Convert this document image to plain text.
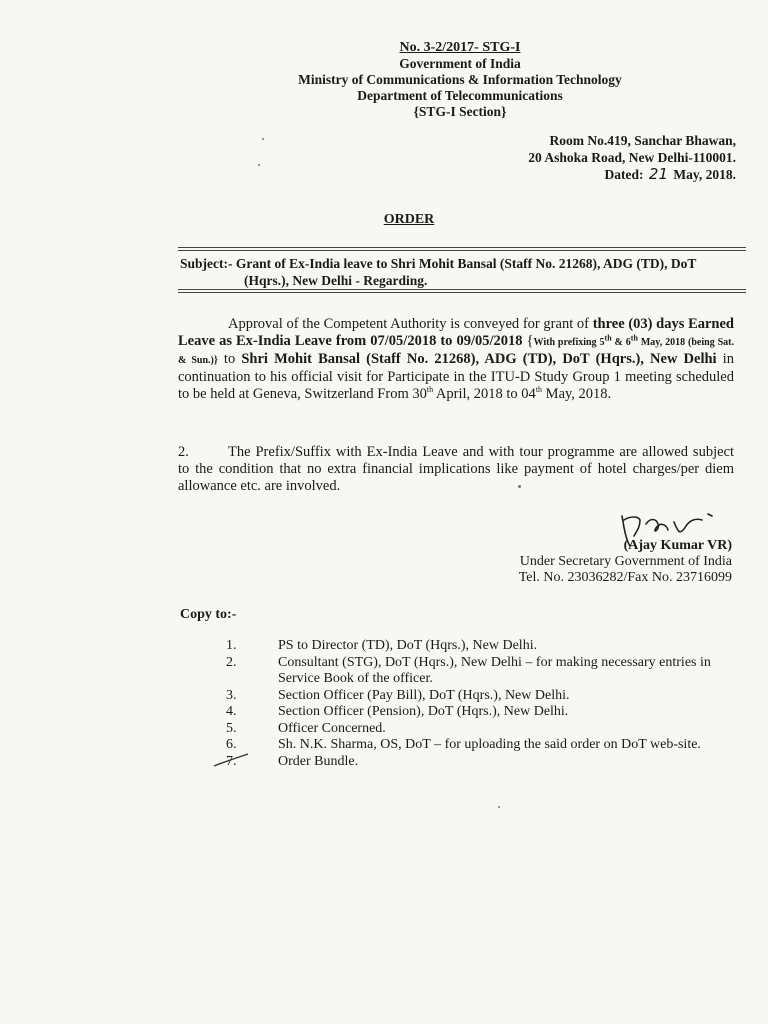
No. 3-2/2017- STG-I
Government of India
Ministry of Communications & Information Technology
Department of Telecommunications
{STG-I Section}
Room No.419, Sanchar Bhawan,
20 Ashoka Road, New Delhi-110001.
Dated: 21 May, 2018.
ORDER
Subject:- Grant of Ex-India leave to Shri Mohit Bansal (Staff No. 21268), ADG (TD), DoT
(Hqrs.), New Delhi - Regarding.
Approval of the Competent Authority is conveyed for grant of three (03) days Earned Leave as Ex-India Leave from 07/05/2018 to 09/05/2018 {With prefixing 5th & 6th May, 2018 (being Sat. & Sun.)} to Shri Mohit Bansal (Staff No. 21268), ADG (TD), DoT (Hqrs.), New Delhi in continuation to his official visit for Participate in the ITU-D Study Group 1 meeting scheduled to be held at Geneva, Switzerland From 30th April, 2018 to 04th May, 2018.
2.	The Prefix/Suffix with Ex-India Leave and with tour programme are allowed subject to the condition that no extra financial implications like payment of hotel charges/per diem allowance etc. are involved.
(Ajay Kumar VR)
Under Secretary Government of India
Tel. No. 23036282/Fax No. 23716099
Copy to:-
1.	PS to Director (TD), DoT (Hqrs.), New Delhi.
2.	Consultant (STG), DoT (Hqrs.), New Delhi – for making necessary entries in Service Book of the officer.
3.	Section Officer (Pay Bill), DoT (Hqrs.), New Delhi.
4.	Section Officer (Pension), DoT (Hqrs.), New Delhi.
5.	Officer Concerned.
6.	Sh. N.K. Sharma, OS, DoT – for uploading the said order on DoT web-site.
7.	Order Bundle.
